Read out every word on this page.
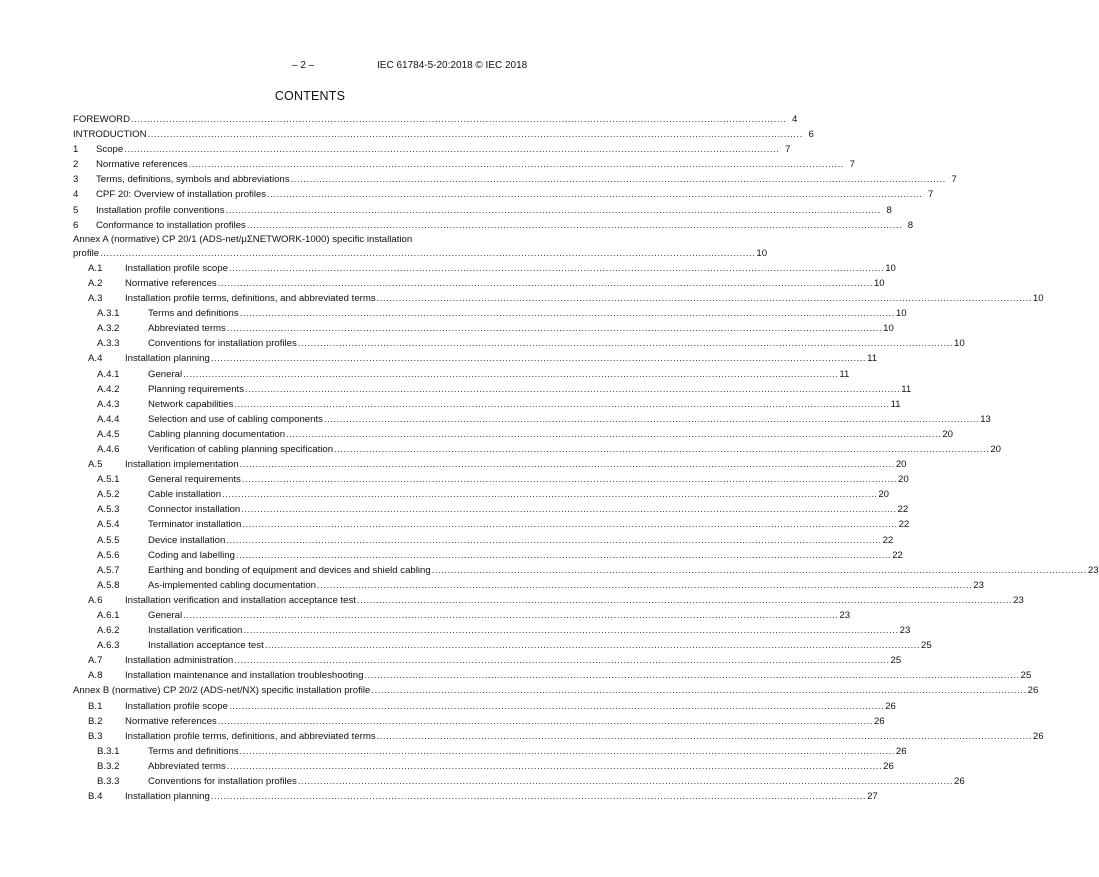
– 2 –	IEC 61784-5-20:2018 © IEC 2018
CONTENTS
FOREWORD .....	4
INTRODUCTION .....	6
1	Scope .....	7
2	Normative references .....	7
3	Terms, definitions, symbols and abbreviations .....	7
4	CPF 20: Overview of installation profiles .....	7
5	Installation profile conventions .....	8
6	Conformance to installation profiles .....	8
Annex A (normative) CP 20/1 (ADS-net/μΣNETWORK-1000) specific installation
profile .....	10
A.1	Installation profile scope .....	10
A.2	Normative references .....	10
A.3	Installation profile terms, definitions, and abbreviated terms .....	10
A.3.1	Terms and definitions .....	10
A.3.2	Abbreviated terms .....	10
A.3.3	Conventions for installation profiles .....	10
A.4	Installation planning .....	11
A.4.1	General .....	11
A.4.2	Planning requirements .....	11
A.4.3	Network capabilities .....	11
A.4.4	Selection and use of cabling components .....	13
A.4.5	Cabling planning documentation .....	20
A.4.6	Verification of cabling planning specification .....	20
A.5	Installation implementation .....	20
A.5.1	General requirements .....	20
A.5.2	Cable installation .....	20
A.5.3	Connector installation .....	22
A.5.4	Terminator installation .....	22
A.5.5	Device installation .....	22
A.5.6	Coding and labelling .....	22
A.5.7	Earthing and bonding of equipment and devices and shield cabling .....	23
A.5.8	As-implemented cabling documentation .....	23
A.6	Installation verification and installation acceptance test .....	23
A.6.1	General .....	23
A.6.2	Installation verification .....	23
A.6.3	Installation acceptance test .....	25
A.7	Installation administration .....	25
A.8	Installation maintenance and installation troubleshooting .....	25
Annex B (normative) CP 20/2 (ADS-net/NX) specific installation profile .....	26
B.1	Installation profile scope .....	26
B.2	Normative references .....	26
B.3	Installation profile terms, definitions, and abbreviated terms .....	26
B.3.1	Terms and definitions .....	26
B.3.2	Abbreviated terms .....	26
B.3.3	Conventions for installation profiles .....	26
B.4	Installation planning .....	27
